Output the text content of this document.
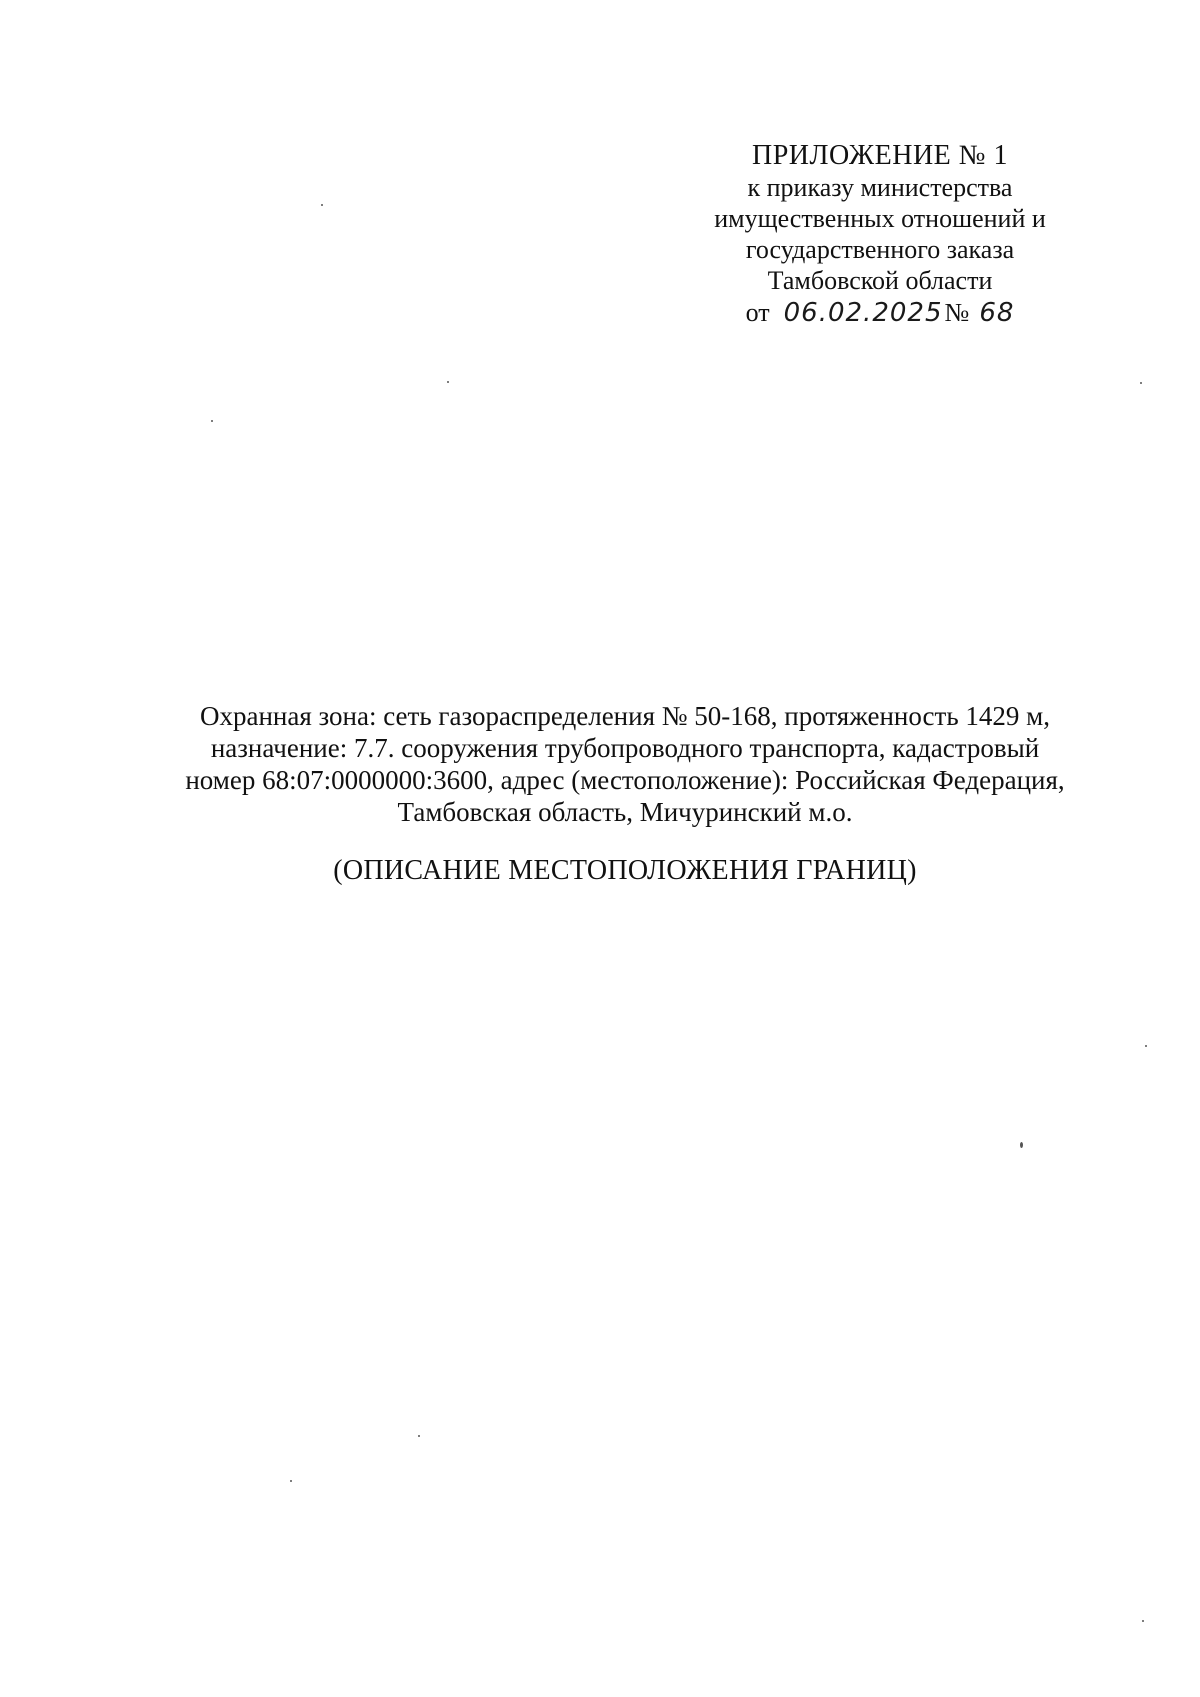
ПРИЛОЖЕНИЕ № 1
к приказу министерства
имущественных отношений и
государственного заказа
Тамбовской области
от 06.02.2025№ 68
Охранная зона: сеть газораспределения № 50-168, протяженность 1429 м,
назначение: 7.7. сооружения трубопроводного транспорта, кадастровый
номер 68:07:0000000:3600, адрес (местоположение): Российская Федерация,
Тамбовская область, Мичуринский м.о.
(ОПИСАНИЕ МЕСТОПОЛОЖЕНИЯ ГРАНИЦ)
